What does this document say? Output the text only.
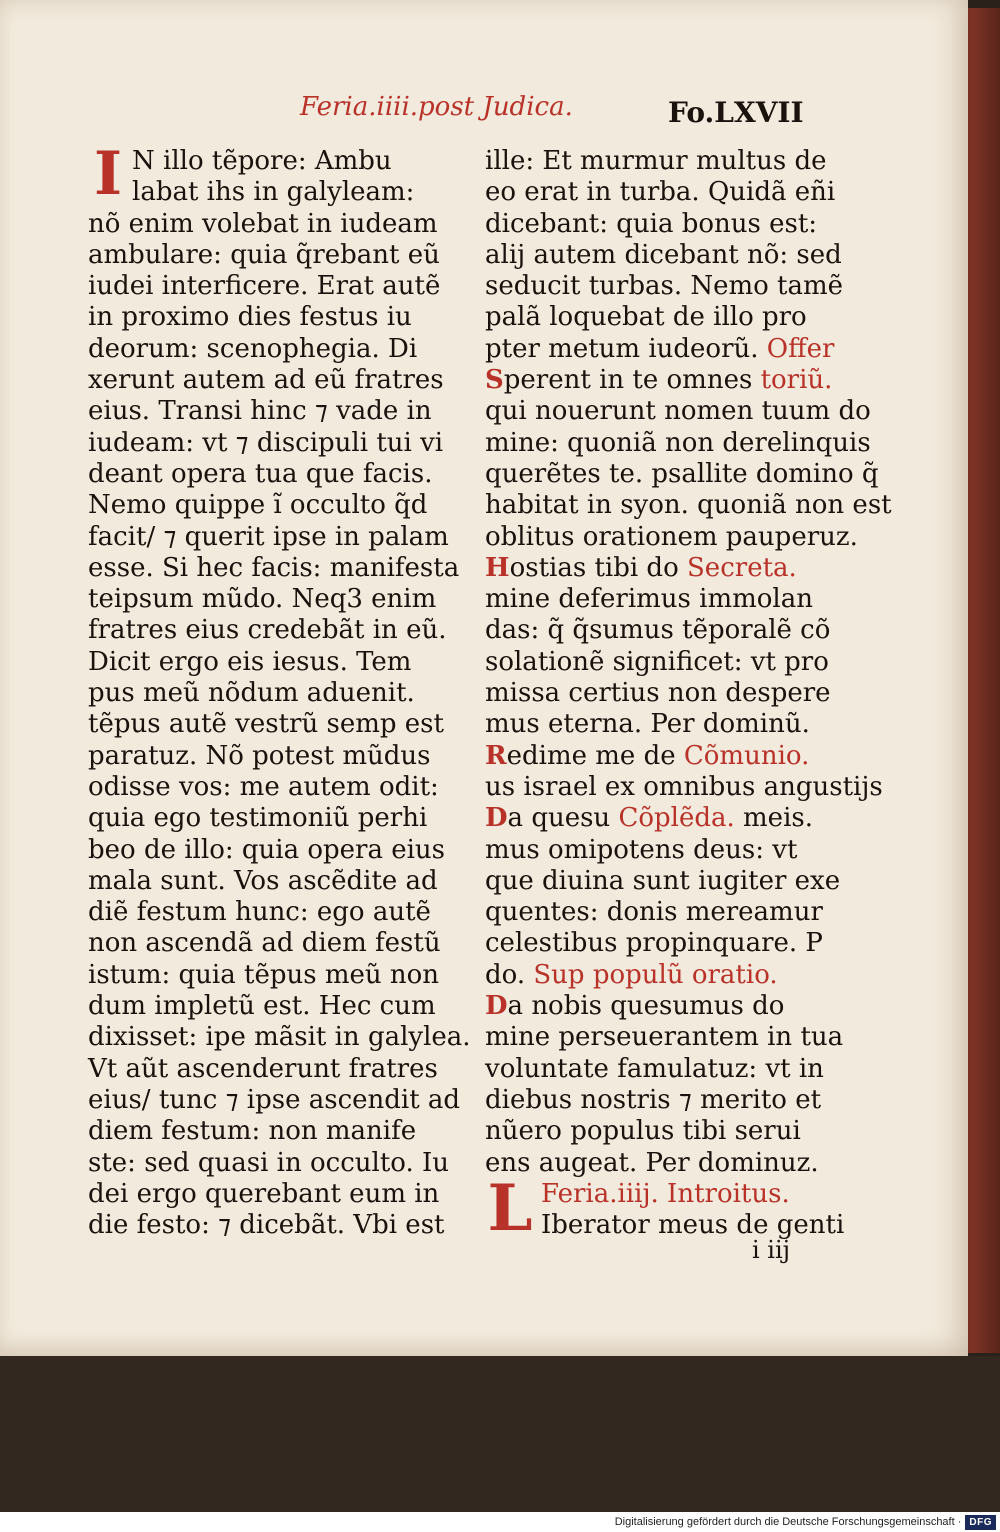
Feria.iiii.post Judica.	Fo.LXVII
I N illo tẽpore: Ambu
labat ihs in galyleam:
nõ enim volebat in iudeam
ambulare: quia q̃rebant eũ
iudei interficere. Erat autẽ
in proximo dies festus iu
deorum: scenophegia. Di
xerunt autem ad eũ fratres
eius. Transi hinc ⁊ vade in
iudeam: vt ⁊ discipuli tui vi
deant opera tua que facis.
Nemo quippe ĩ occulto q̃d
facit/ ⁊ querit ipse in palam
esse. Si hec facis: manifesta
teipsum mũdo. Neq3 enim
fratres eius credebãt in eũ.
Dicit ergo eis iesus. Tem
pus meũ nõdum aduenit.
tẽpus autẽ vestrũ semp est
paratuz. Nõ potest mũdus
odisse vos: me autem odit:
quia ego testimoniũ perhi
beo de illo: quia opera eius
mala sunt. Vos ascẽdite ad
diẽ festum hunc: ego autẽ
non ascendã ad diem festũ
istum: quia tẽpus meũ non
dum impletũ est. Hec cum
dixisset: ipe mãsit in galylea.
Vt aũt ascenderunt fratres
eius/ tunc ⁊ ipse ascendit ad
diem festum: non manife
ste: sed quasi in occulto. Iu
dei ergo querebant eum in
die festo: ⁊ dicebãt. Vbi est
ille: Et murmur multus de
eo erat in turba. Quidã eñi
dicebant: quia bonus est:
alij autem dicebant nõ: sed
seducit turbas. Nemo tamẽ
palã loquebat de illo pro
pter metum iudeorũ. Offer
Sperent in te omnes toriũ.
qui nouerunt nomen tuum do
mine: quoniã non derelinquis
querẽtes te. psallite domino q̃
habitat in syon. quoniã non est
oblitus orationem pauperuz.
Hostias tibi do Secreta.
mine deferimus immolan
das: q̃ q̃sumus tẽporalẽ cõ
solationẽ significet: vt pro
missa certius non despere
mus eterna. Per dominũ.
Redime me de Cõmunio.
us israel ex omnibus angustijs
Da quesu Cõplẽda. meis.
mus omipotens deus: vt
que diuina sunt iugiter exe
quentes: donis mereamur
celestibus propinquare. P
do. Sup populũ oratio.
Da nobis quesumus do
mine perseuerantem in tua
voluntate famulatuz: vt in
diebus nostris ⁊ merito et
nũero populus tibi serui
ens augeat. Per dominuz.
L Feria.iiij. Introitus.
Iberator meus de genti
i iij
Digitalisierung gefördert durch die Deutsche Forschungsgemeinschaft · DFG
